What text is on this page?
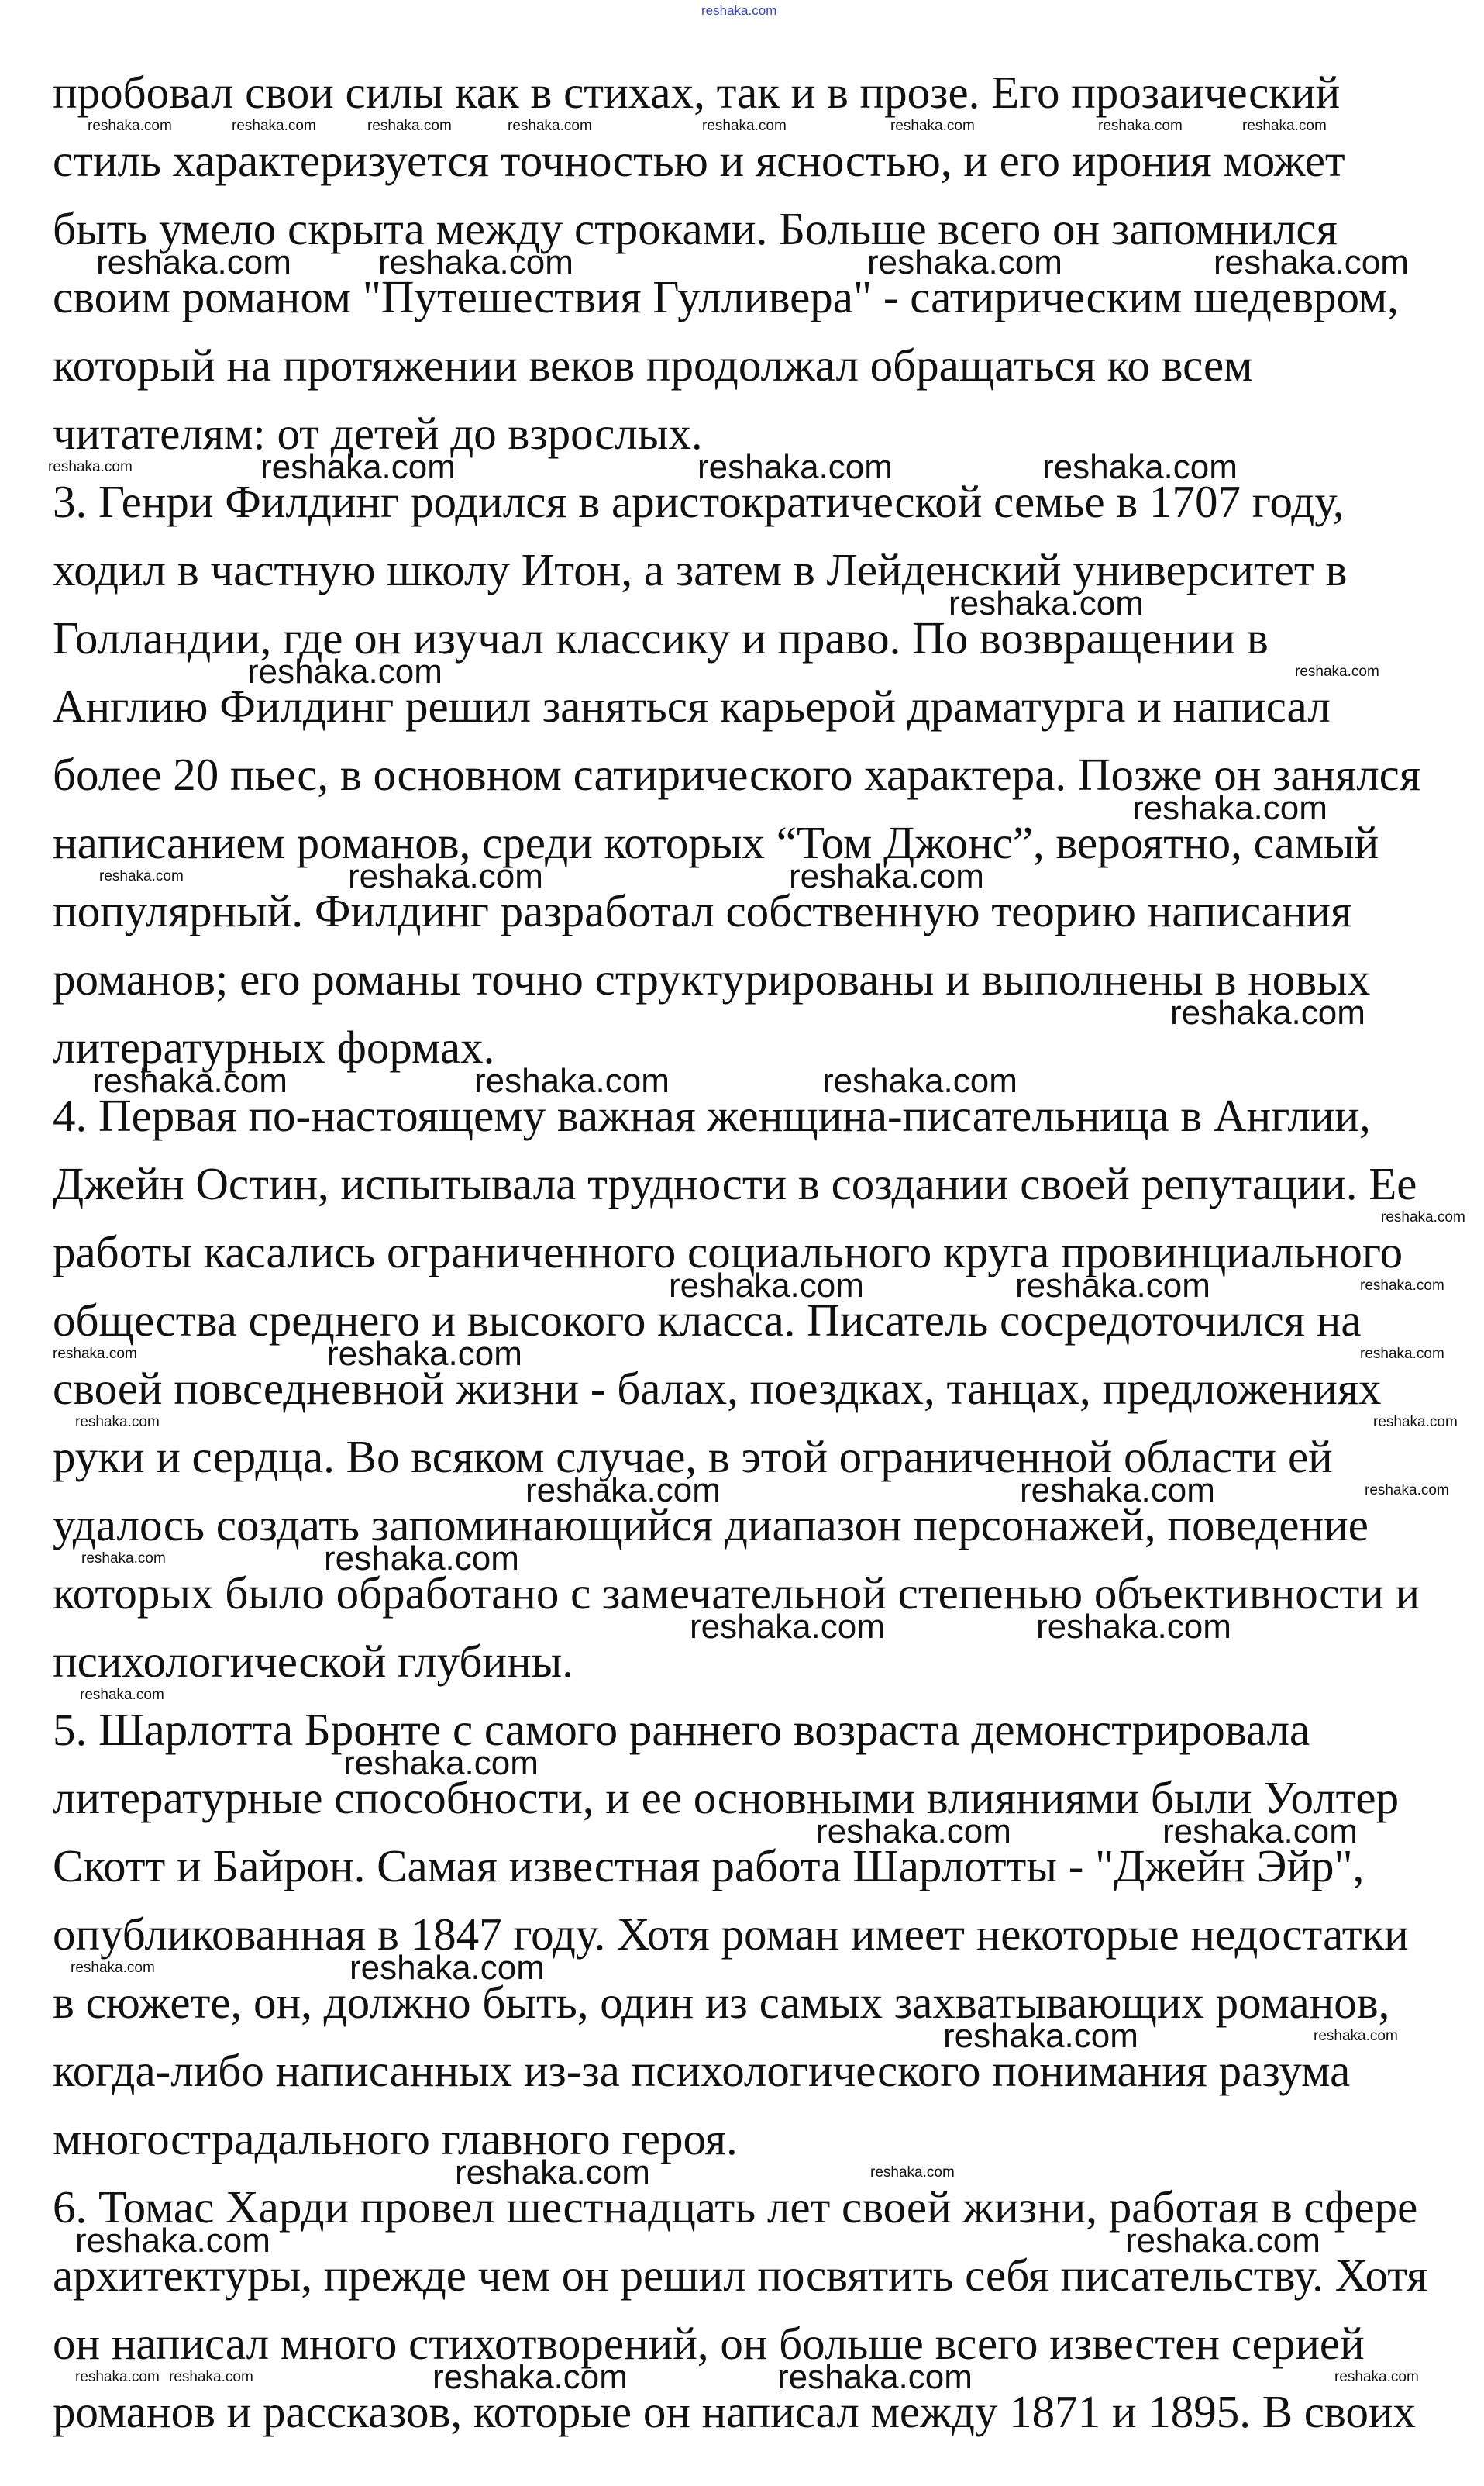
reshaka.com
пробовал свои силы как в стихах, так и в прозе. Его прозаический
стиль характеризуется точностью и ясностью, и его ирония может
быть умело скрыта между строками. Больше всего он запомнился
своим романом "Путешествия Гулливера" - сатирическим шедевром,
который на протяжении веков продолжал обращаться ко всем
читателям: от детей до взрослых.
3. Генри Филдинг родился в аристократической семье в 1707 году,
ходил в частную школу Итон, а затем в Лейденский университет в
Голландии, где он изучал классику и право. По возвращении в
Англию Филдинг решил заняться карьерой драматурга и написал
более 20 пьес, в основном сатирического характера. Позже он занялся
написанием романов, среди которых “Том Джонс”, вероятно, самый
популярный. Филдинг разработал собственную теорию написания
романов; его романы точно структурированы и выполнены в новых
литературных формах.
4. Первая по-настоящему важная женщина-писательница в Англии,
Джейн Остин, испытывала трудности в создании своей репутации. Ее
работы касались ограниченного социального круга провинциального
общества среднего и высокого класса. Писатель сосредоточился на
своей повседневной жизни - балах, поездках, танцах, предложениях
руки и сердца. Во всяком случае, в этой ограниченной области ей
удалось создать запоминающийся диапазон персонажей, поведение
которых было обработано с замечательной степенью объективности и
психологической глубины.
5. Шарлотта Бронте с самого раннего возраста демонстрировала
литературные способности, и ее основными влияниями были Уолтер
Скотт и Байрон. Самая известная работа Шарлотты - "Джейн Эйр",
опубликованная в 1847 году. Хотя роман имеет некоторые недостатки
в сюжете, он, должно быть, один из самых захватывающих романов,
когда-либо написанных из-за психологического понимания разума
многострадального главного героя.
6. Томас Харди провел шестнадцать лет своей жизни, работая в сфере
архитектуры, прежде чем он решил посвятить себя писательству. Хотя
он написал много стихотворений, он больше всего известен серией
романов и рассказов, которые он написал между 1871 и 1895. В своих
reshaka.com	reshaka.com	reshaka.com	reshaka.com	reshaka.com	reshaka.com	reshaka.com	reshaka.com
reshaka.com	reshaka.com	reshaka.com	reshaka.com
reshaka.com	reshaka.com
reshaka.com
reshaka.com
reshaka.com
reshaka.com
reshaka.com
reshaka.com
reshaka.com	reshaka.com	reshaka.com
reshaka.com
reshaka.com	reshaka.com	reshaka.com
reshaka.com
reshaka.com	reshaka.com	reshaka.com
reshaka.com	reshaka.com
reshaka.com
reshaka.com
reshaka.com
reshaka.com
reshaka.com	reshaka.com
reshaka.com	reshaka.com
reshaka.com	reshaka.com
reshaka.com
reshaka.com
reshaka.com	reshaka.com
reshaka.com	reshaka.com
reshaka.com	reshaka.com
reshaka.com	reshaka.com
reshaka.com	reshaka.com
reshaka.com	reshaka.com
reshaka.com reshaka.com	reshaka.com
